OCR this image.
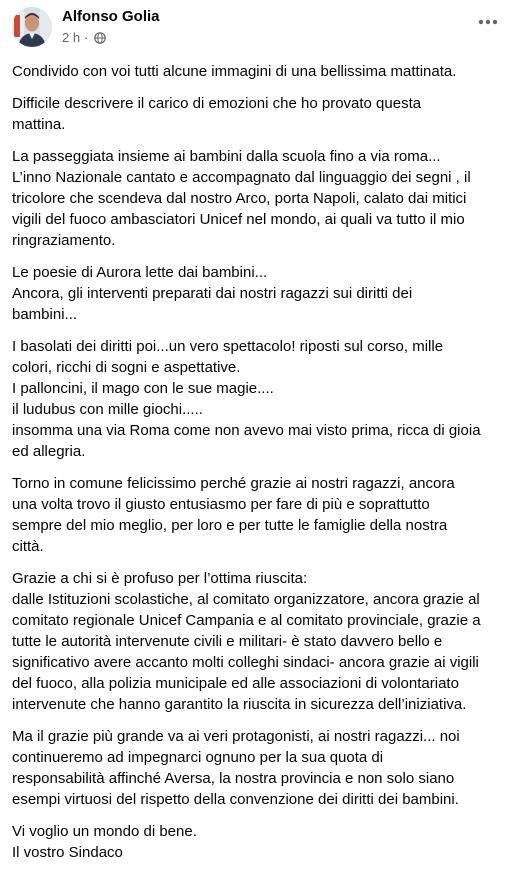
Alfonso Golia
2 h ·

Condivido con voi tutti alcune immagini di una bellissima mattinata.

Difficile descrivere il carico di emozioni che ho provato questa
mattina.

La passeggiata insieme ai bambini dalla scuola fino a via roma...
L’inno Nazionale cantato e accompagnato dal linguaggio dei segni , il
tricolore che scendeva dal nostro Arco, porta Napoli, calato dai mitici
vigili del fuoco ambasciatori Unicef nel mondo, ai quali va tutto il mio
ringraziamento.

Le poesie di Aurora lette dai bambini...
Ancora, gli interventi preparati dai nostri ragazzi sui diritti dei
bambini...

I basolati dei diritti poi...un vero spettacolo! riposti sul corso, mille
colori, ricchi di sogni e aspettative.
I palloncini, il mago con le sue magie....
il ludubus con mille giochi.....
insomma una via Roma come non avevo mai visto prima, ricca di gioia
ed allegria.

Torno in comune felicissimo perché grazie ai nostri ragazzi, ancora
una volta trovo il giusto entusiasmo per fare di più e soprattutto
sempre del mio meglio, per loro e per tutte le famiglie della nostra
città.

Grazie a chi si è profuso per l’ottima riuscita:
dalle Istituzioni scolastiche, al comitato organizzatore, ancora grazie al
comitato regionale Unicef Campania e al comitato provinciale, grazie a
tutte le autorità intervenute civili e militari- è stato davvero bello e
significativo avere accanto molti colleghi sindaci- ancora grazie ai vigili
del fuoco, alla polizia municipale ed alle associazioni di volontariato
intervenute che hanno garantito la riuscita in sicurezza dell’iniziativa.

Ma il grazie più grande va ai veri protagonisti, ai nostri ragazzi... noi
continueremo ad impegnarci ognuno per la sua quota di
responsabilità affinché Aversa, la nostra provincia e non solo siano
esempi virtuosi del rispetto della convenzione dei diritti dei bambini.

Vi voglio un mondo di bene.
Il vostro Sindaco
